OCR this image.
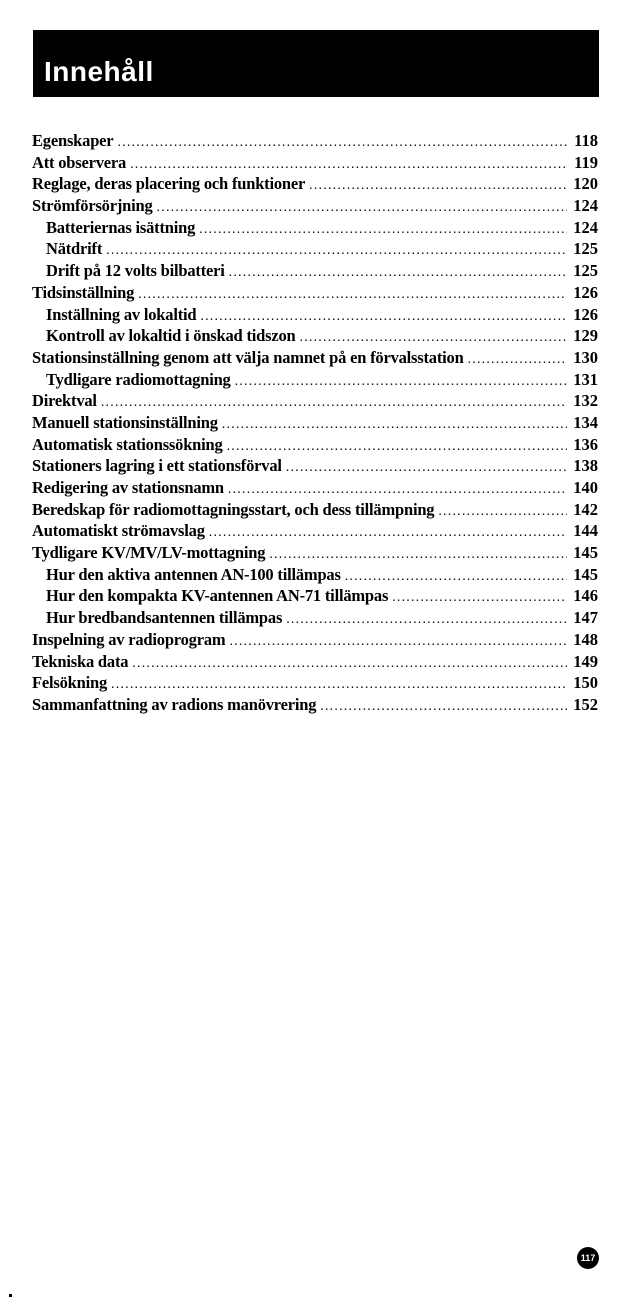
Innehåll
Egenskaper .....	118
Att observera .....	119
Reglage, deras placering och funktioner .....	120
Strömförsörjning .....	124
Batteriernas isättning .....	124
Nätdrift .....	125
Drift på 12 volts bilbatteri .....	125
Tidsinställning .....	126
Inställning av lokaltid .....	126
Kontroll av lokaltid i önskad tidszon .....	129
Stationsinställning genom att välja namnet på en förvalsstation .....	130
Tydligare radiomottagning .....	131
Direktval .....	132
Manuell stationsinställning .....	134
Automatisk stationssökning .....	136
Stationers lagring i ett stationsförval .....	138
Redigering av stationsnamn .....	140
Beredskap för radiomottagningsstart, och dess tillämpning .....	142
Automatiskt strömavslag .....	144
Tydligare KV/MV/LV-mottagning .....	145
Hur den aktiva antennen AN-100 tillämpas .....	145
Hur den kompakta KV-antennen AN-71 tillämpas .....	146
Hur bredbandsantennen tillämpas .....	147
Inspelning av radioprogram .....	148
Tekniska data .....	149
Felsökning .....	150
Sammanfattning av radions manövrering .....	152
117
